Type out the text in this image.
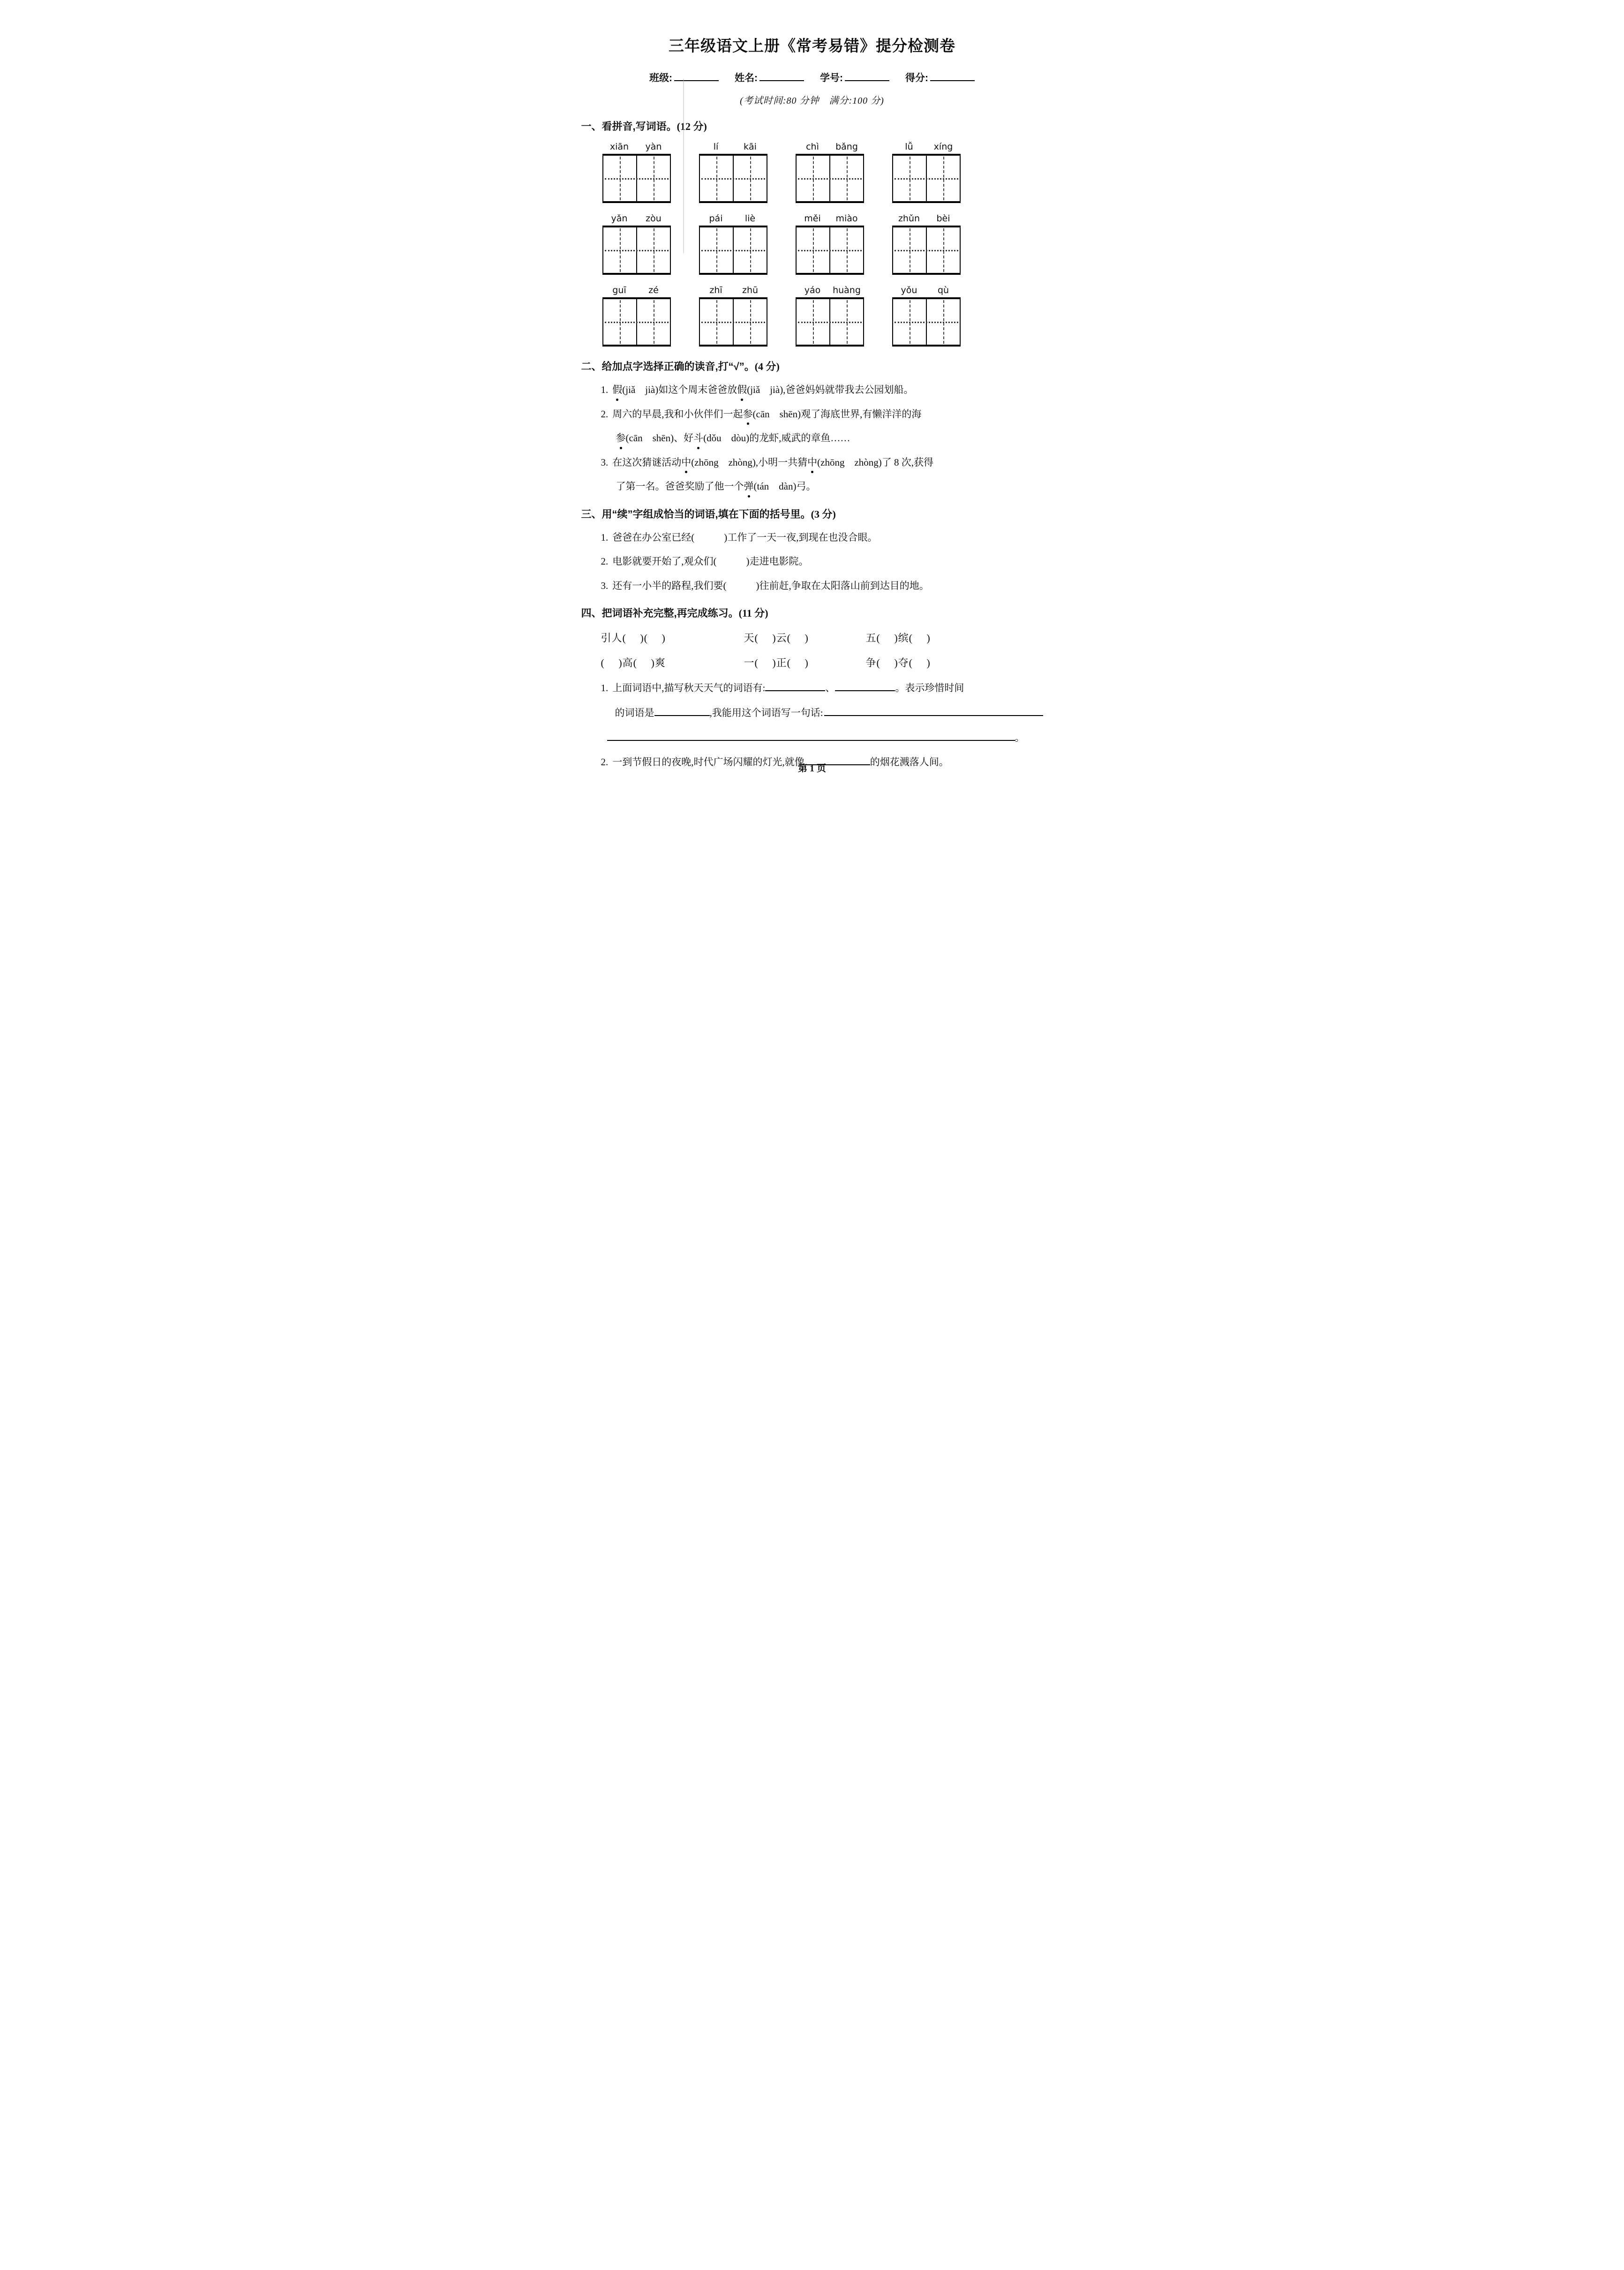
三年级语文上册《常考易错》提分检测卷
班级:	姓名:	学号:	得分:
(考试时间:80 分钟　满分:100 分)
一、看拼音,写词语。(12 分)
xiān	yàn	lí	kāi	chì	bǎng	lǚ	xíng
yǎn	zòu	pái	liè	měi	miào	zhǔn	bèi
guī	zé	zhī	zhū	yáo	huàng	yǒu	qù
二、给加点字选择正确的读音,打“√”。(4 分)
1. 假(jiǎ　jià)如这个周末爸爸放假(jiǎ　jià),爸爸妈妈就带我去公园划船。
2. 周六的早晨,我和小伙伴们一起参(cān　shēn)观了海底世界,有懒洋洋的海
参(cān　shēn)、好斗(dǒu　dòu)的龙虾,威武的章鱼……
3. 在这次猜谜活动中(zhōng　zhòng),小明一共猜中(zhōng　zhòng)了 8 次,获得
了第一名。爸爸奖励了他一个弹(tán　dàn)弓。
三、用“续”字组成恰当的词语,填在下面的括号里。(3 分)
1. 爸爸在办公室已经(　　　)工作了一天一夜,到现在也没合眼。
2. 电影就要开始了,观众们(　　　)走进电影院。
3. 还有一小半的路程,我们要(　　　)往前赶,争取在太阳落山前到达目的地。
四、把词语补充完整,再完成练习。(11 分)
引人(　 )(　 )	天(　 )云(　 )	五(　 )缤(　 )
(　 )高(　 )爽	一(　 )正(　 )	争(　 )夺(　 )
1. 上面词语中,描写秋天天气的词语有:	、	。表示珍惜时间
的词语是	,我能用这个词语写一句话:
。
2. 一到节假日的夜晚,时代广场闪耀的灯光,就像	的烟花溅落人间。
第 1 页
